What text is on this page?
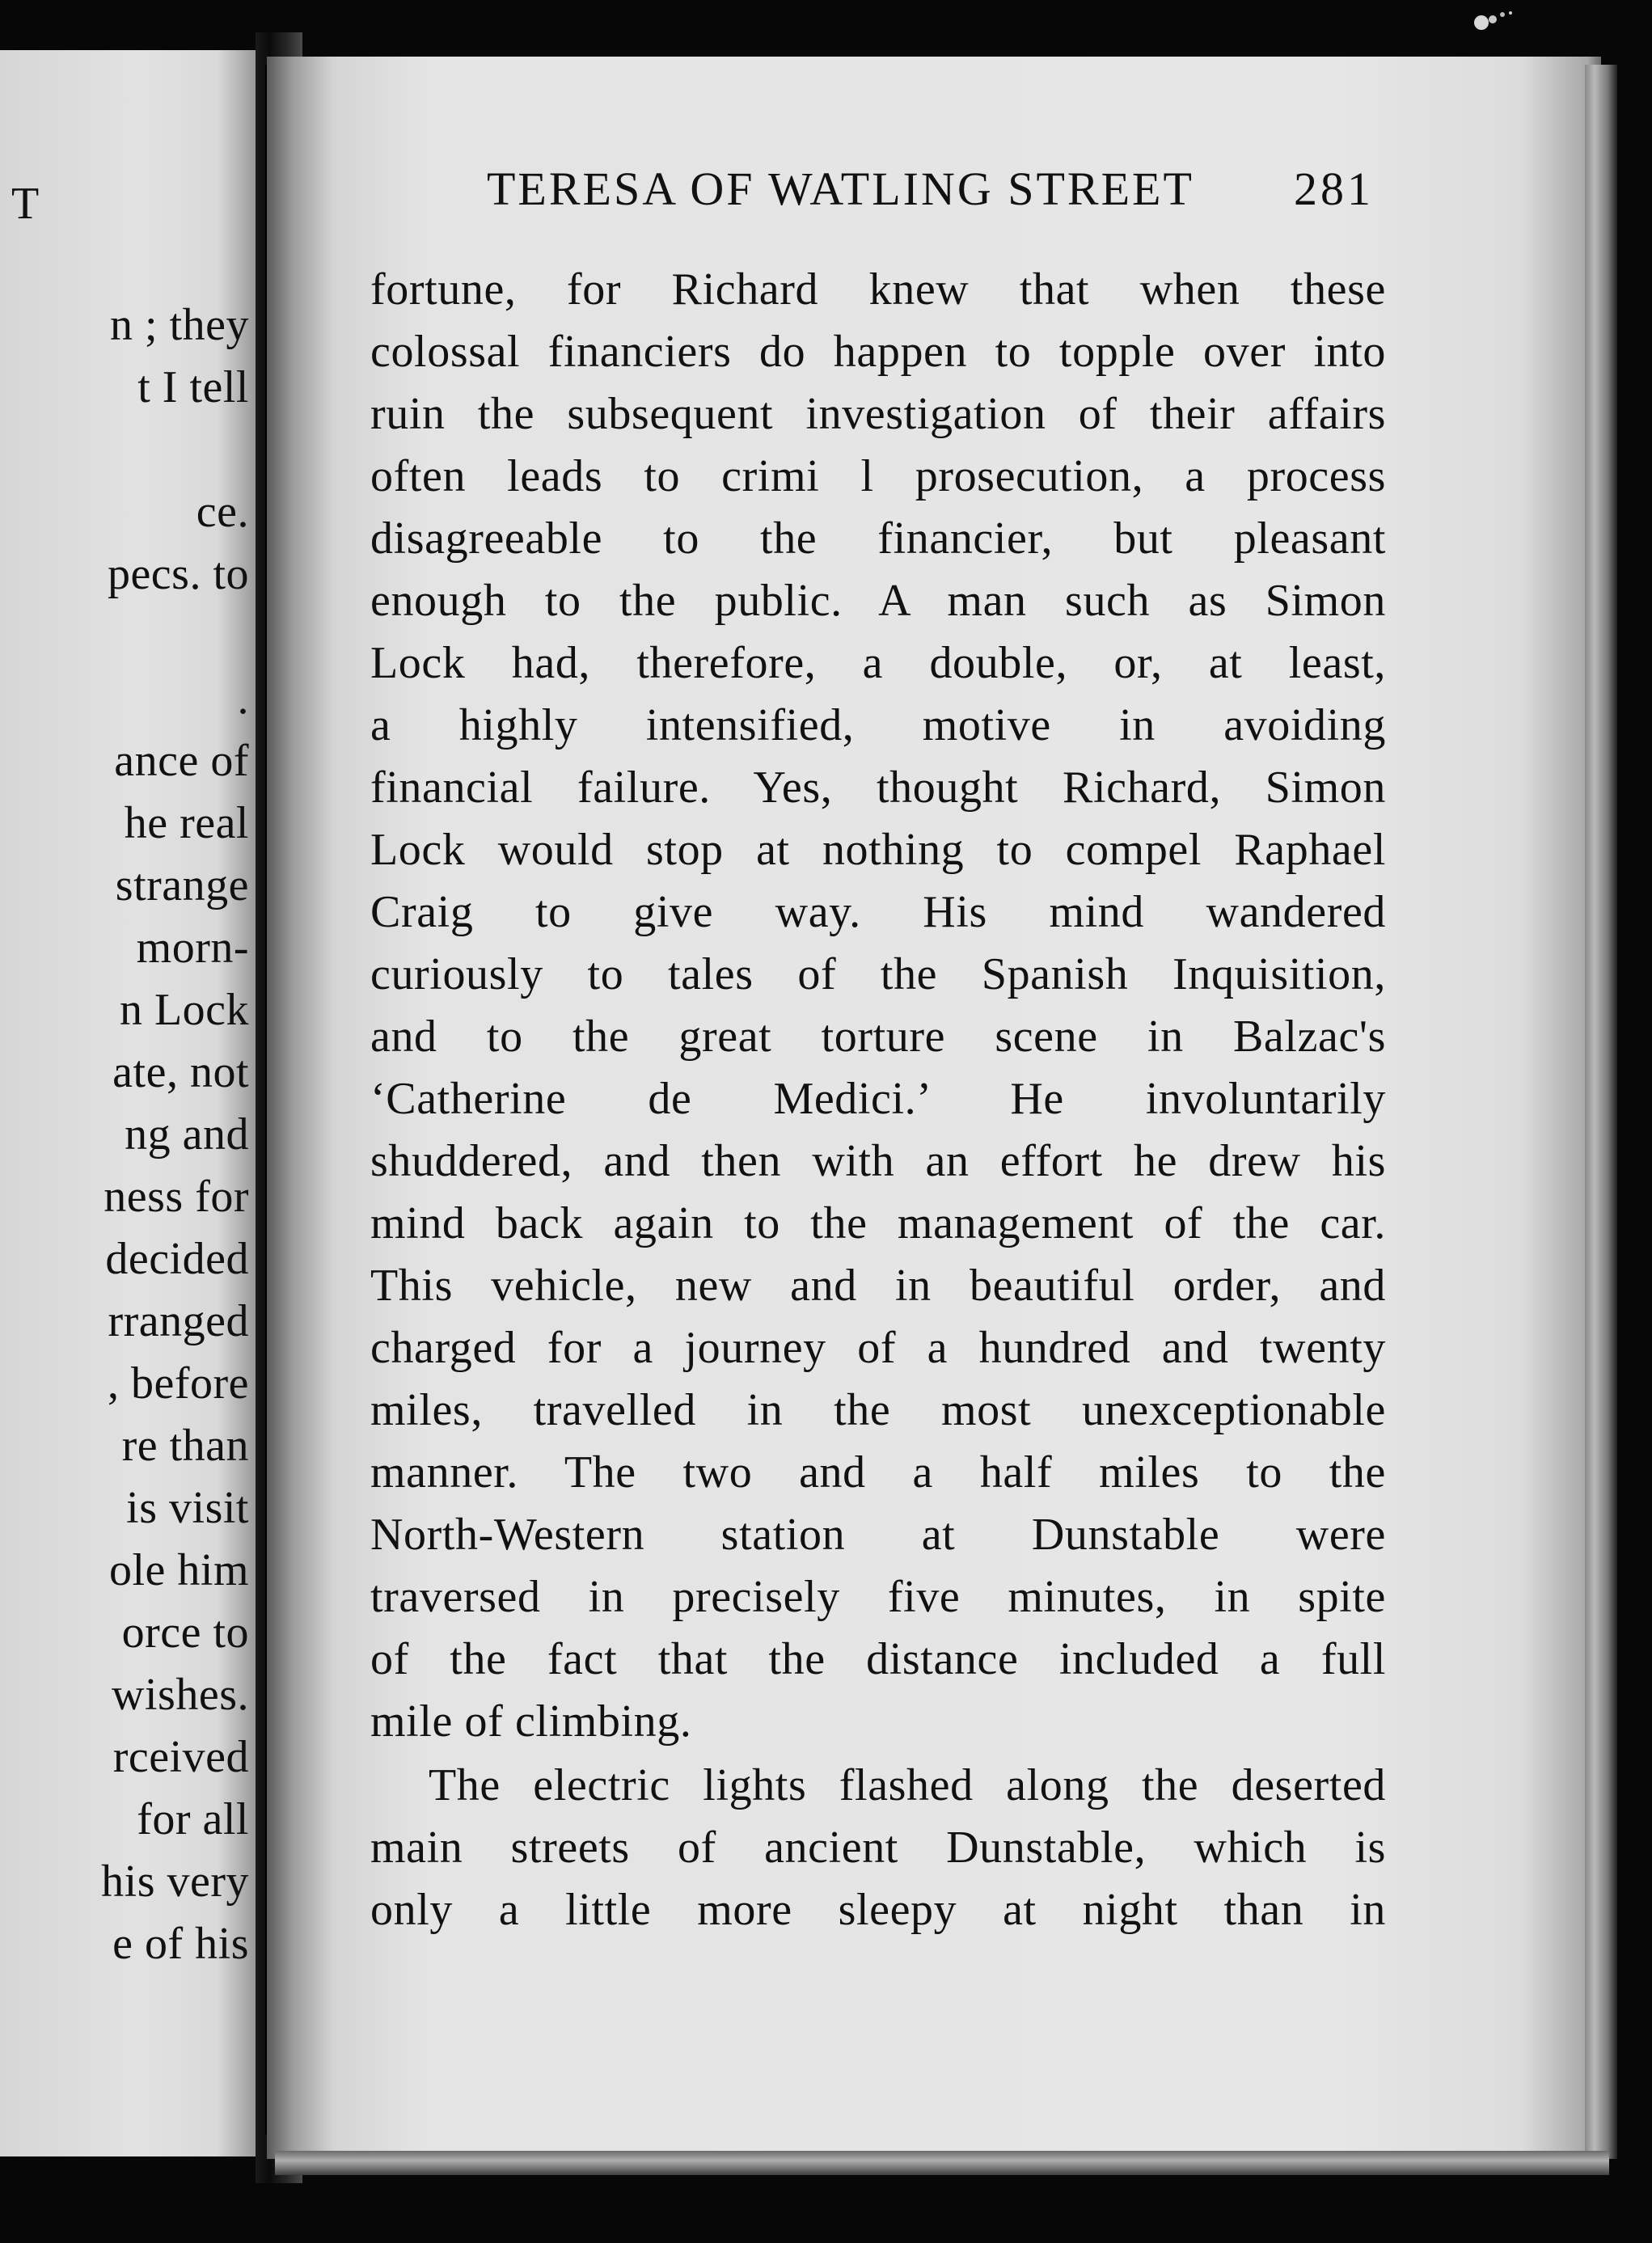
T
n ; they
t I tell
ce.
pecs. to
.
ance of
he real
strange
morn-
n Lock
ate, not
ng and
ness for
decided
rranged
, before
re than
is visit
ole him
orce to
wishes.
rceived
for all
his very
e of his
TERESA OF WATLING STREET 281
fortune, for Richard knew that when these
colossal financiers do happen to topple over into
ruin the subsequent investigation of their affairs
often leads to crimi l prosecution, a process
disagreeable to the financier, but pleasant
enough to the public. A man such as Simon
Lock had, therefore, a double, or, at least,
a highly intensified, motive in avoiding
financial failure. Yes, thought Richard, Simon
Lock would stop at nothing to compel Raphael
Craig to give way. His mind wandered
curiously to tales of the Spanish Inquisition,
and to the great torture scene in Balzac's
‘Catherine de Medici.’ He involuntarily
shuddered, and then with an effort he drew his
mind back again to the management of the car.
This vehicle, new and in beautiful order, and
charged for a journey of a hundred and twenty
miles, travelled in the most unexceptionable
manner. The two and a half miles to the
North-Western station at Dunstable were
traversed in precisely five minutes, in spite
of the fact that the distance included a full
mile of climbing.
The electric lights flashed along the deserted
main streets of ancient Dunstable, which is
only a little more sleepy at night than in
